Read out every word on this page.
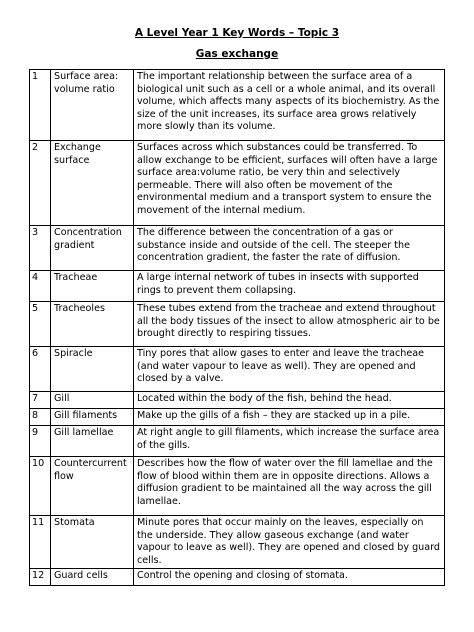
A Level Year 1 Key Words – Topic 3
Gas exchange
1	Surface area: volume ratio	The important relationship between the surface area of a biological unit such as a cell or a whole animal, and its overall volume, which affects many aspects of its biochemistry. As the size of the unit increases, its surface area grows relatively more slowly than its volume.
2	Exchange surface	Surfaces across which substances could be transferred. To allow exchange to be efficient, surfaces will often have a large surface area:volume ratio, be very thin and selectively permeable. There will also often be movement of the environmental medium and a transport system to ensure the movement of the internal medium.
3	Concentration gradient	The difference between the concentration of a gas or substance inside and outside of the cell. The steeper the concentration gradient, the faster the rate of diffusion.
4	Tracheae	A large internal network of tubes in insects with supported rings to prevent them collapsing.
5	Tracheoles	These tubes extend from the tracheae and extend throughout all the body tissues of the insect to allow atmospheric air to be brought directly to respiring tissues.
6	Spiracle	Tiny pores that allow gases to enter and leave the tracheae (and water vapour to leave as well). They are opened and closed by a valve.
7	Gill	Located within the body of the fish, behind the head.
8	Gill filaments	Make up the gills of a fish – they are stacked up in a pile.
9	Gill lamellae	At right angle to gill filaments, which increase the surface area of the gills.
10	Countercurrent flow	Describes how the flow of water over the fill lamellae and the flow of blood within them are in opposite directions. Allows a diffusion gradient to be maintained all the way across the gill lamellae.
11	Stomata	Minute pores that occur mainly on the leaves, especially on the underside. They allow gaseous exchange (and water vapour to leave as well). They are opened and closed by guard cells.
12	Guard cells	Control the opening and closing of stomata.
